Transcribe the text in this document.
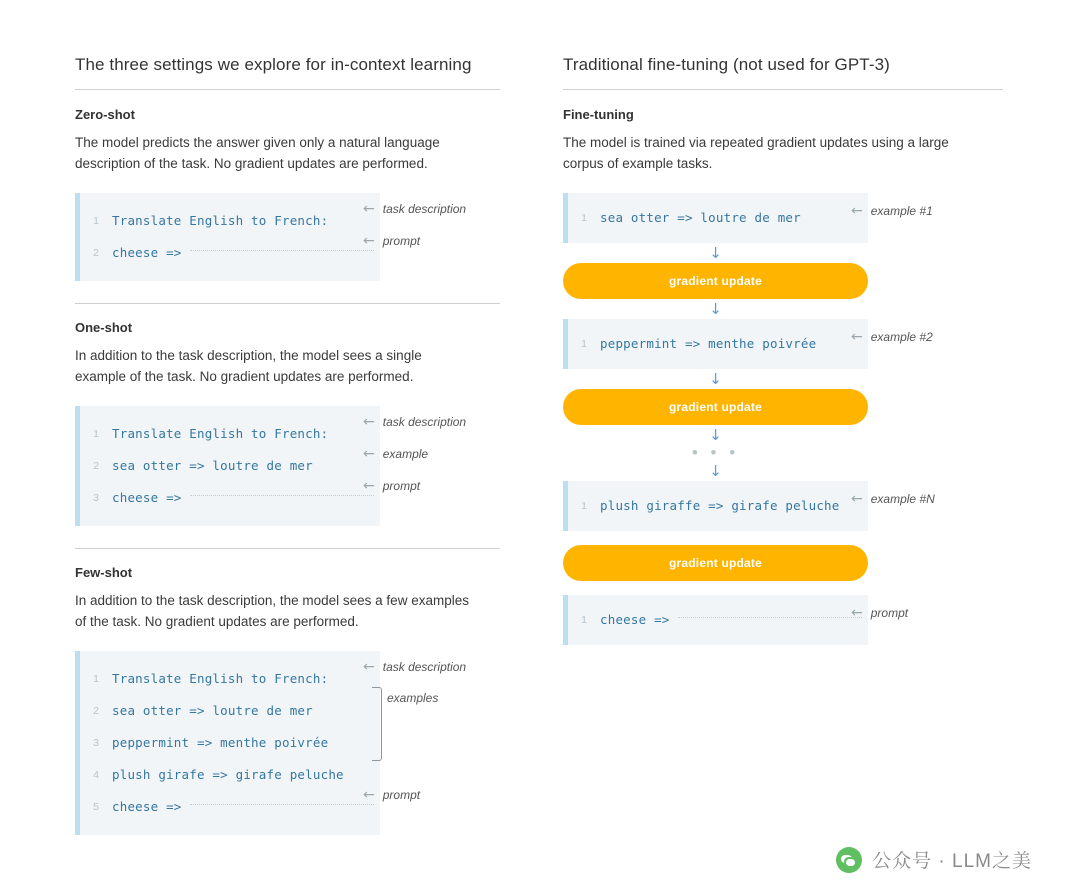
The three settings we explore for in-context learning
Zero-shot

The model predicts the answer given only a natural language description of the task. No gradient updates are performed.

1	Translate English to French:
2	cheese =>
← task description
← prompt
One-shot

In addition to the task description, the model sees a single example of the task. No gradient updates are performed.

1	Translate English to French:
2	sea otter => loutre de mer
3	cheese =>
← task description
← example
← prompt
Few-shot

In addition to the task description, the model sees a few examples of the task. No gradient updates are performed.

1	Translate English to French:
2	sea otter => loutre de mer
3	peppermint => menthe poivrée
4	plush girafe => girafe peluche
5	cheese =>
← task description
examples
← prompt
Traditional fine-tuning (not used for GPT-3)
Fine-tuning

The model is trained via repeated gradient updates using a large corpus of example tasks.

1	sea otter => loutre de mer	← example #1
↓
gradient update
↓
1	peppermint => menthe poivrée ← example #2
↓
gradient update
↓
• • •
↓
1	plush giraffe => girafe peluche ← example #N
gradient update
1	cheese =>	← prompt
公众号 · LLM之美
